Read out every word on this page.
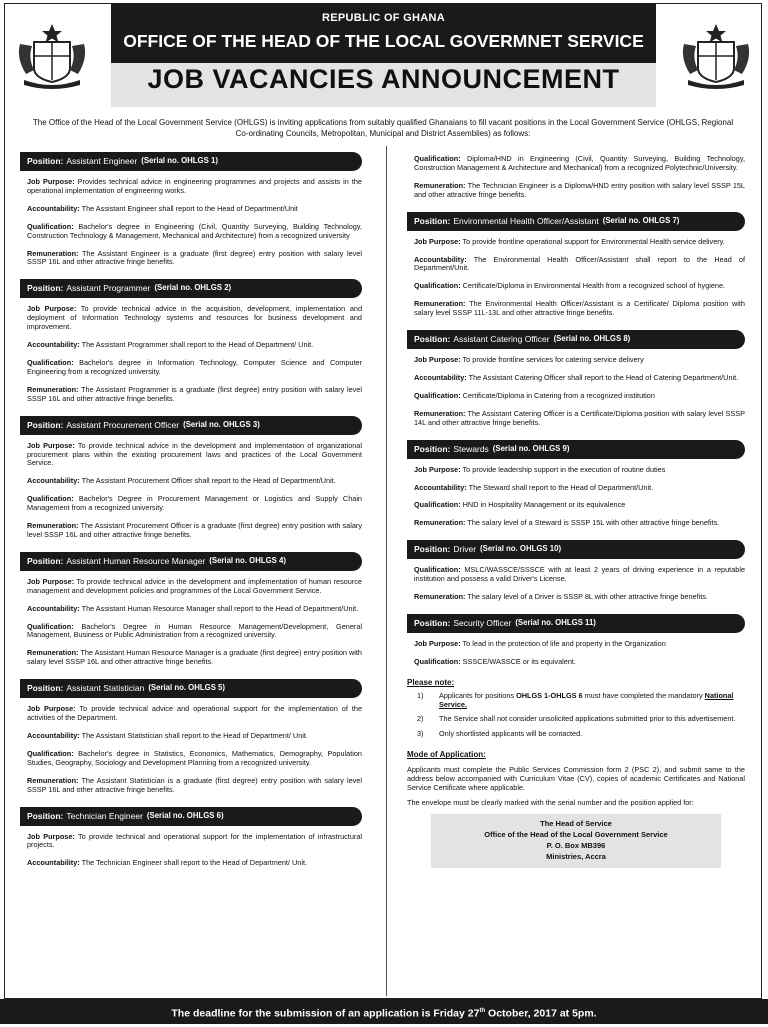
REPUBLIC OF GHANA
OFFICE OF THE HEAD OF THE LOCAL GOVERMNET SERVICE
JOB VACANCIES ANNOUNCEMENT
The Office of the Head of the Local Government Service (OHLGS) is inviting applications from suitably qualified Ghanaians to fill vacant positions in the Local Government Service (OHLGS, Regional Co-ordinating Councils, Metropolitan, Municipal and District Assemblies) as follows:
Position: Assistant Engineer (Serial no. OHLGS 1)
Job Purpose: Provides technical advice in engineering programmes and projects and assists in the operational implementation of engineering works.
Accountability: The Assistant Engineer shall report to the Head of Department/Unit
Qualification: Bachelor's degree in Engineering (Civil, Quantity Surveying, Building Technology, Construction Technology & Management, Mechanical and Architecture) from a recognized university
Remuneration: The Assistant Engineer is a graduate (first degree) entry position with salary level SSSP 16L and other attractive fringe benefits.
Position: Assistant Programmer (Serial no. OHLGS 2)
Job Purpose: To provide technical advice in the acquisition, development, implementation and deployment of Information Technology systems and resources for business development and improvement.
Accountability: The Assistant Programmer shall report to the Head of Department/ Unit.
Qualification: Bachelor's degree in Information Technology, Computer Science and Computer Engineering from a recognized university.
Remuneration: The Assistant Programmer is a graduate (first degree) entry position with salary level SSSP 16L and other attractive fringe benefits.
Position: Assistant Procurement Officer (Serial no. OHLGS 3)
Job Purpose: To provide technical advice in the development and implementation of organizational procurement plans within the existing procurement laws and practices of the Local Government Service.
Accountability: The Assistant Procurement Officer shall report to the Head of Department/Unit.
Qualification: Bachelor's Degree in Procurement Management or Logistics and Supply Chain Management from a recognized university.
Remuneration: The Assistant Procurement Officer is a graduate (first degree) entry position with salary level SSSP 16L and other attractive fringe benefits.
Position: Assistant Human Resource Manager (Serial no. OHLGS 4)
Job Purpose: To provide technical advice in the development and implementation of human resource management and development policies and programmes of the Local Government Service.
Accountability: The Assistant Human Resource Manager shall report to the Head of Department/Unit.
Qualification: Bachelor's Degree in Human Resource Management/Development, General Management, Business or Public Administration from a recognized university.
Remuneration: The Assistant Human Resource Manager is a graduate (first degree) entry position with salary level SSSP 16L and other attractive fringe benefits.
Position: Assistant Statistician (Serial no. OHLGS 5)
Job Purpose: To provide technical advice and operational support for the implementation of the activities of the Department.
Accountability: The Assistant Statistician shall report to the Head of Department/ Unit.
Qualification: Bachelor's degree in Statistics, Economics, Mathematics, Demography, Population Studies, Geography, Sociology and Development Planning from a recognized university.
Remuneration: The Assistant Statistician is a graduate (first degree) entry position with salary level SSSP 16L and other attractive fringe benefits.
Position: Technician Engineer (Serial no. OHLGS 6)
Job Purpose: To provide technical and operational support for the implementation of infrastructural projects.
Accountability: The Technician Engineer shall report to the Head of Department/ Unit.
Qualification: Diploma/HND in Engineering (Civil, Quantity Surveying, Building Technology, Construction Management & Architecture and Mechanical) from a recognized Polytechnic/University.
Remuneration: The Technician Engineer is a Diploma/HND entry position with salary level SSSP 15L and other attractive fringe benefits.
Position: Environmental Health Officer/Assistant (Serial no. OHLGS 7)
Job Purpose: To provide frontline operational support for Environmental Health service delivery.
Accountability: The Environmental Health Officer/Assistant shall report to the Head of Department/Unit.
Qualification: Certificate/Diploma in Environmental Health from a recognized school of hygiene.
Remuneration: The Environmental Health Officer/Assistant is a Certificate/ Diploma position with salary level SSSP 11L-13L and other attractive fringe benefits.
Position: Assistant Catering Officer (Serial no. OHLGS 8)
Job Purpose: To provide frontline services for catering service delivery
Accountability: The Assistant Catering Officer shall report to the Head of Catering Department/Unit.
Qualification: Certificate/Diploma in Catering from a recognized institution
Remuneration: The Assistant Catering Officer is a Certificate/Diploma position with salary level SSSP 14L and other attractive fringe benefits.
Position: Stewards (Serial no. OHLGS 9)
Job Purpose: To provide leadership support in the execution of routine duties
Accountability: The Steward shall report to the Head of Department/Unit.
Qualification: HND in Hospitality Management or its equivalence
Remuneration: The salary level of a Steward is SSSP 15L with other attractive fringe benefits.
Position: Driver (Serial no. OHLGS 10)
Qualification: MSLC/WASSCE/SSSCE with at least 2 years of driving experience in a reputable institution and possess a valid Driver's License.
Remuneration: The salary level of a Driver is SSSP 8L with other attractive fringe benefits.
Position: Security Officer (Serial no. OHLGS 11)
Job Purpose: To lead in the protection of life and property in the Organization
Qualification: SSSCE/WASSCE or its equivalent.
Please note:
1)	Applicants for positions OHLGS 1-OHLGS 6 must have completed the mandatory National Service.
2)	The Service shall not consider unsolicited applications submitted prior to this advertisement.
3)	Only shortlisted applicants will be contacted.
Mode of Application:
Applicants must complete the Public Services Commission form 2 (PSC 2), and submit same to the address below accompanied with Curriculum Vitae (CV), copies of academic Certificates and National Service Certificate where applicable.
The envelope must be clearly marked with the serial number and the position applied for:
The Head of Service
Office of the Head of the Local Government Service
P. O. Box MB396
Ministries, Accra
The deadline for the submission of an application is Friday 27th October, 2017 at 5pm.
